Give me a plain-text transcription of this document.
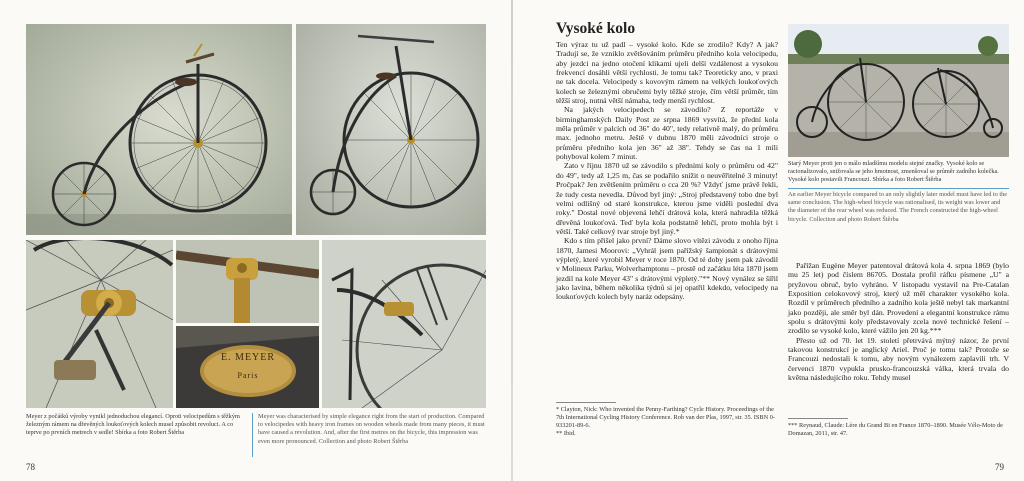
E. MEYER
Paris
Meyer z počátků výroby vynikl jednoduchou elegancí. Oproti velocipedům s těžkým železným rámem na dřevěných loukoťových kolech musel způsobit revoluci. A co teprve po prvních metrech v sedle! Sbírka a foto Robert Štěrba
Meyer was characterised by simple elegance right from the start of production. Compared to velocipedes with heavy iron frames on wooden wheels made from many pieces, it must have caused a revolution. And, after the first metres on the bicycle, this impression was even more pronounced. Collection and photo Robert Štěrba
78
Vysoké kolo

Ten výraz tu už padl – vysoké kolo. Kde se zrodilo? Kdy? A jak? Tradují se, že vzniklo zvětšováním průměru předního kola velocipedu, aby jezdci na jedno otočení klikami ujeli delší vzdálenost a vysokou frekvencí dosáhli větší rychlosti. Je tomu tak? Teoreticky ano, v praxi ne tak docela. Velocipedy s kovovým rámem na velkých loukoťových kolech se železnými obručemi byly těžké stroje, čím větší průměr, tím těžší stroj, nutná větší námaha, tedy menší rychlost.

Na jakých velocipedech se závodilo? Z reportáže v birminghamských Daily Post ze srpna 1869 vysvítá, že přední kola měla průměr v palcích od 36" do 40", tedy relativně malý, do průměru max. jednoho metru. Ještě v dubnu 1870 měli závodníci stroje o průměru předního kola jen 36" až 38". Tehdy se čas na 1 míli pohyboval kolem 7 minut.

Zato v říjnu 1870 už se závodilo s předními koly o průměru od 42" do 49", tedy až 1,25 m, čas se podařilo snížit o neuvěřitelné 3 minuty! Pročpak? Jen zvětšením průměru o cca 20 %? Vždyť jsme právě řekli, že tudy cesta nevedla. Důvod byl jiný: „Stroj představený tobo dne byl velmi odlišný od staré konstrukce, kterou jsme viděli poslední dva roky." Dostal nové objevená lehčí drátová kola, která nahradila těžká dřevěná loukoťová. Teď byla kola podstatně lehčí, proto mohla být i větší. Také celkový tvar stroje byl jiný.*

Kdo s tím přišel jako první? Dáme slovo vítězi závodu z onoho října 1870, Jamesi Moorovi: „Vyhrál jsem pařížský šampionát s drátovými výpletý, které vyrobil Meyer v roce 1870. Od té doby jsem pak závodil v Molineux Parku, Wolverhamptonu – prostě od začátku léta 1870 jsem jezdil na kole Meyer 43" s drátovými výpletý."** Nový vynález se šířil jako lavina, během několika týdnů si jej opatřil kdekdo, velocipedy na loukoťových kolech byly naráz odepsány.

Starý Meyer proti jen o málo mladšímu modelu stejné značky. Vysoké kolo se racionalizovalo, snižovala se jeho hmotnost, zmenšoval se průměr zadního kolečka. Vysoké kolo postavili Francouzi. Sbírka a foto Robert Štěrba
An earlier Meyer bicycle compared to an only slightly later model must have led to the same conclusion. The high-wheel bicycle was rationalised, its weight was lower and the diameter of the rear wheel was reduced. The French constructed the high-wheel bicycle. Collection and photo Robert Štěrba

Pařížan Eugène Meyer patentoval drátová kola 4. srpna 1869 (bylo mu 25 let) pod číslem 86705. Dostala profil ráfku písmene „U" a pryžovou obruč, bylo vyhráno. V listopadu vystavil na Pre-Catalan Exposition celokovový stroj, který už měl charakter vysokého kola. Rozdíl v průměrech předního a zadního kola ještě nebyl tak markantní jako později, ale směr byl dán. Provedení a elegantní konstrukce rámu spolu s drátovými koly představovaly zcela nové technické řešení – zrodilo se vysoké kolo, které vážilo jen 20 kg.***

Přesto už od 70. let 19. století přetrvává mýtný názor, že první takovou konstrukcí je anglický Ariel. Proč je tomu tak? Protože se Francouzi nedostali k tomu, aby novým vynálezem zaplavili trh. V červenci 1870 vypukla prusko-francouzská válka, která trvala do května následujícího roku. Tehdy musel

* Clayton, Nick: Who invented the Penny-Farthing? Cycle History. Proceedings of the 7th International Cycling History Conference. Rob van der Plas, 1997, str. 35. ISBN 0-933201-89-6.
** Ibid.
*** Reynaud, Claude: Lère du Grand Bi en France 1870–1890. Musée Vélo-Moto de Domazan, 2011, str. 47.
79
